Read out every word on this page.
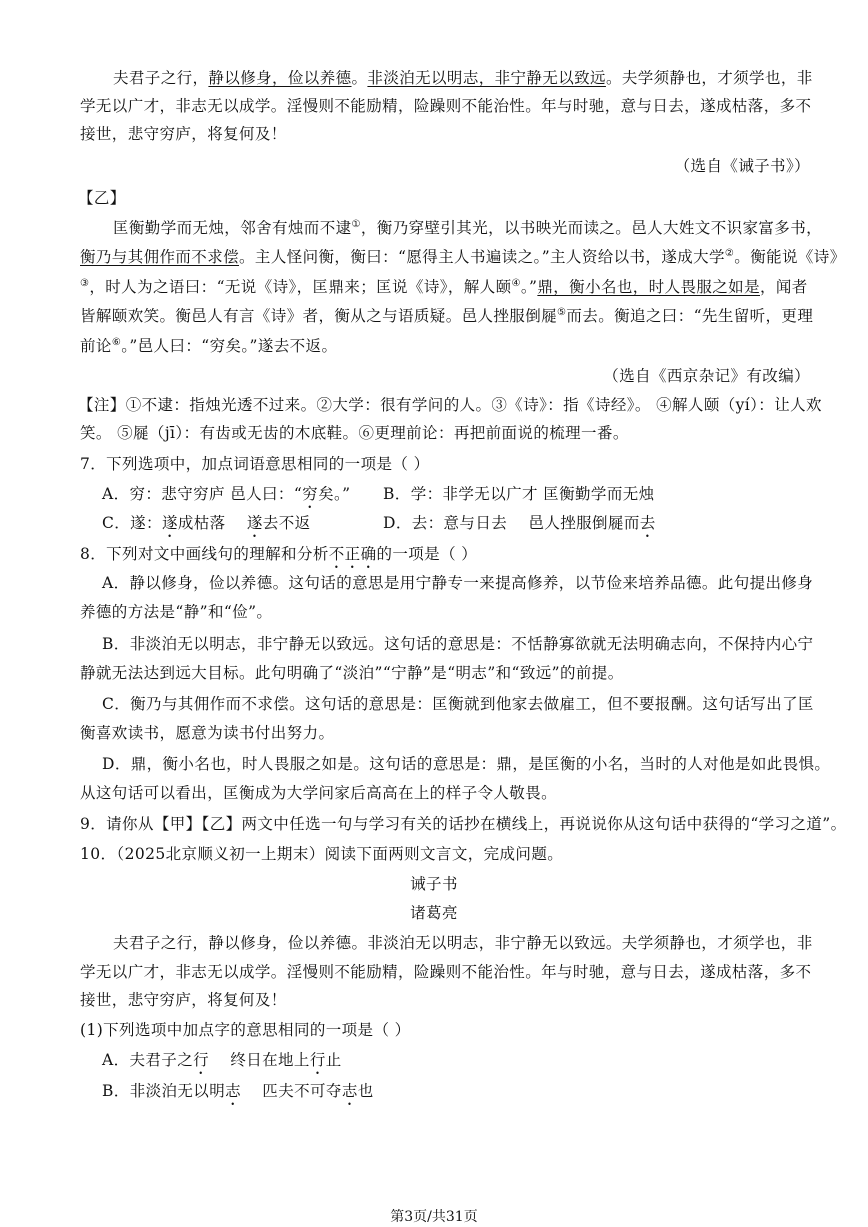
夫君子之行，静以修身，俭以养德。非淡泊无以明志，非宁静无以致远。夫学须静也，才须学也，非
学无以广才，非志无以成学。淫慢则不能励精，险躁则不能治性。年与时驰，意与日去，遂成枯落，多不
接世，悲守穷庐，将复何及！
（选自《诫子书》）
【乙】
匡衡勤学而无烛，邻舍有烛而不逮①，衡乃穿壁引其光，以书映光而读之。邑人大姓文不识家富多书，
衡乃与其佣作而不求偿。主人怪问衡，衡曰：“愿得主人书遍读之。”主人资给以书，遂成大学②。衡能说《诗》
③，时人为之语曰：“无说《诗》，匡鼎来；匡说《诗》，解人颐④。”鼎，衡小名也，时人畏服之如是，闻者
皆解颐欢笑。衡邑人有言《诗》者，衡从之与语质疑。邑人挫服倒屣⑤而去。衡追之曰：“先生留听，更理
前论⑥。”邑人曰：“穷矣。”遂去不返。
（选自《西京杂记》有改编）
【注】①不逮：指烛光透不过来。②大学：很有学问的人。③《诗》：指《诗经》。 ④解人颐（yí）：让人欢
笑。 ⑤屣（jī）：有齿或无齿的木底鞋。⑥更理前论：再把前面说的梳理一番。
7．下列选项中，加点词语意思相同的一项是（ ）
A．穷：悲守穷庐 邑人曰：“穷矣。”	B．学：非学无以广才 匡衡勤学而无烛
C．遂：遂成枯落    遂去不返	D．去：意与日去    邑人挫服倒屣而去
8．下列对文中画线句的理解和分析不正确的一项是（ ）
A．静以修身，俭以养德。这句话的意思是用宁静专一来提高修养，以节俭来培养品德。此句提出修身
养德的方法是“静”和“俭”。
B．非淡泊无以明志，非宁静无以致远。这句话的意思是：不恬静寡欲就无法明确志向，不保持内心宁
静就无法达到远大目标。此句明确了“淡泊”“宁静”是“明志”和“致远”的前提。
C．衡乃与其佣作而不求偿。这句话的意思是：匡衡就到他家去做雇工，但不要报酬。这句话写出了匡
衡喜欢读书，愿意为读书付出努力。
D．鼎，衡小名也，时人畏服之如是。这句话的意思是：鼎，是匡衡的小名，当时的人对他是如此畏惧。
从这句话可以看出，匡衡成为大学问家后高高在上的样子令人敬畏。
9．请你从【甲】【乙】两文中任选一句与学习有关的话抄在横线上，再说说你从这句话中获得的“学习之道”。
10．（2025北京顺义初一上期末）阅读下面两则文言文，完成问题。
诫子书
诸葛亮
夫君子之行，静以修身，俭以养德。非淡泊无以明志，非宁静无以致远。夫学须静也，才须学也，非
学无以广才，非志无以成学。淫慢则不能励精，险躁则不能治性。年与时驰，意与日去，遂成枯落，多不
接世，悲守穷庐，将复何及！
(1)下列选项中加点字的意思相同的一项是（ ）
A．夫君子之行    终日在地上行止
B．非淡泊无以明志    匹夫不可夺志也
第3页/共31页
